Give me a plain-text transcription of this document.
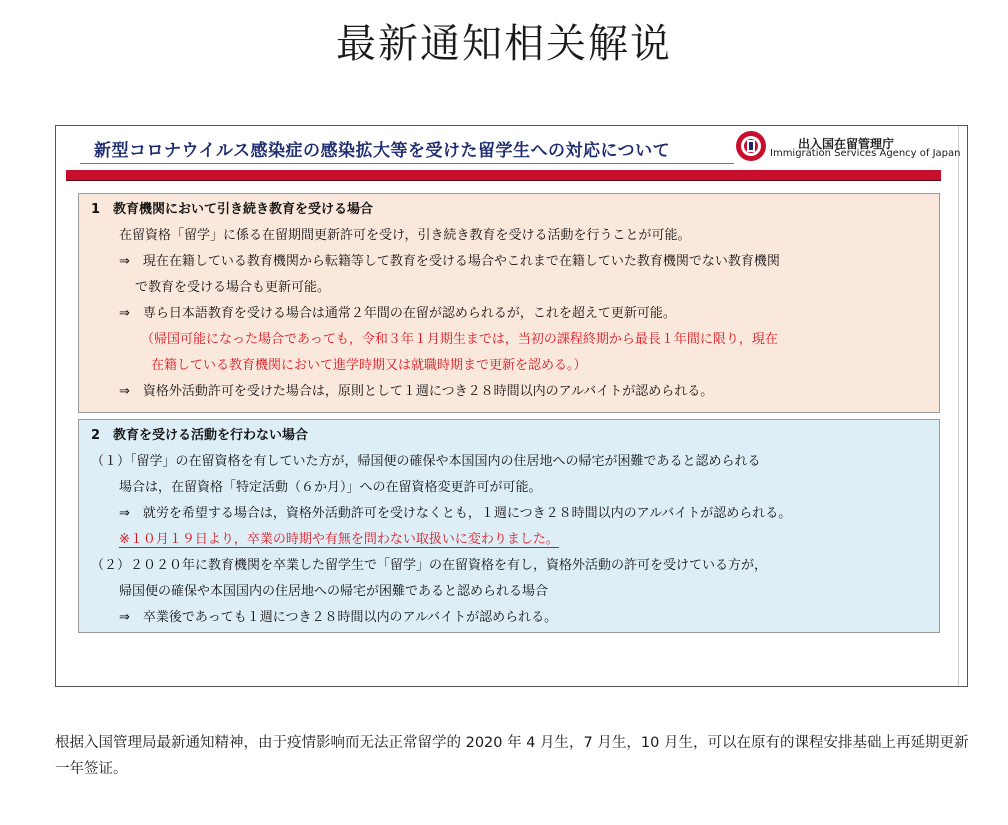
最新通知相关解说
新型コロナウイルス感染症の感染拡大等を受けた留学生への対応について	出入国在留管理庁
Immigration Services Agency of Japan
1　教育機関において引き続き教育を受ける場合
在留資格「留学」に係る在留期間更新許可を受け，引き続き教育を受ける活動を行うことが可能。
⇒　現在在籍している教育機関から転籍等して教育を受ける場合やこれまで在籍していた教育機関でない教育機関
で教育を受ける場合も更新可能。
⇒　専ら日本語教育を受ける場合は通常２年間の在留が認められるが，これを超えて更新可能。
（帰国可能になった場合であっても，令和３年１月期生までは，当初の課程終期から最長１年間に限り，現在
在籍している教育機関において進学時期又は就職時期まで更新を認める。）
⇒　資格外活動許可を受けた場合は，原則として１週につき２８時間以内のアルバイトが認められる。
2　教育を受ける活動を行わない場合
（１）「留学」の在留資格を有していた方が，帰国便の確保や本国国内の住居地への帰宅が困難であると認められる
場合は，在留資格「特定活動（６か月）」への在留資格変更許可が可能。
⇒　就労を希望する場合は，資格外活動許可を受けなくとも，１週につき２８時間以内のアルバイトが認められる。
※１０月１９日より，卒業の時期や有無を問わない取扱いに変わりました。
（２）２０２０年に教育機関を卒業した留学生で「留学」の在留資格を有し，資格外活動の許可を受けている方が，
帰国便の確保や本国国内の住居地への帰宅が困難であると認められる場合
⇒　卒業後であっても１週につき２８時間以内のアルバイトが認められる。
根据入国管理局最新通知精神，由于疫情影响而无法正常留学的 2020 年 4 月生，7 月生，10 月生，可以在原有的课程安排基础上再延期更新一年签证。
